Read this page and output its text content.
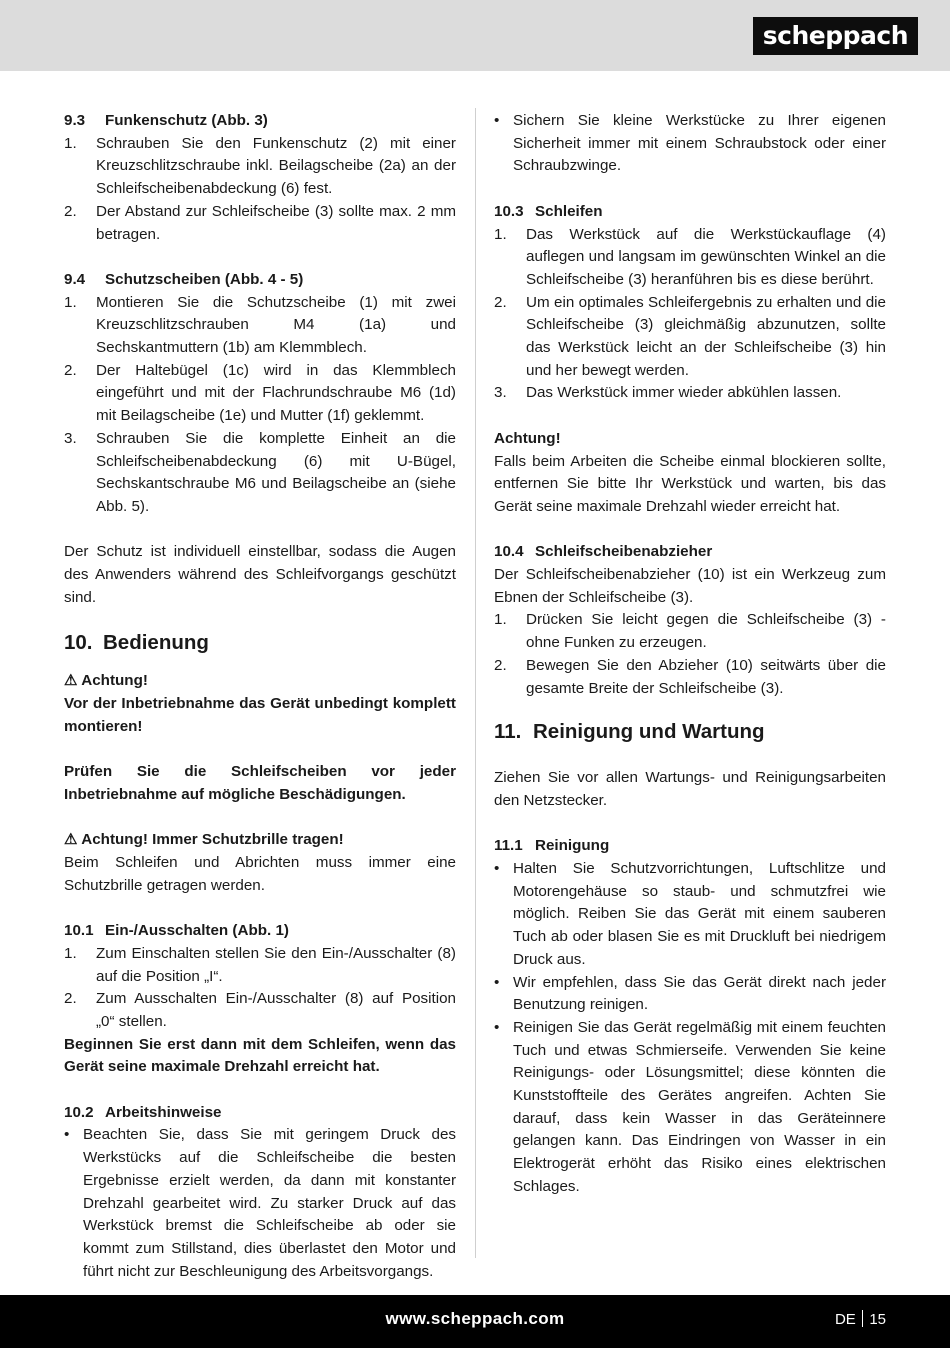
scheppach
9.3 Funkenschutz (Abb. 3)
1. Schrauben Sie den Funkenschutz (2) mit einer Kreuzschlitzschraube inkl. Beilagscheibe (2a) an der Schleifscheibenabdeckung (6) fest.
2. Der Abstand zur Schleifscheibe (3) sollte max. 2 mm betragen.
9.4 Schutzscheiben (Abb. 4 - 5)
1. Montieren Sie die Schutzscheibe (1) mit zwei Kreuzschlitzschrauben M4 (1a) und Sechskantmuttern (1b) am Klemmblech.
2. Der Haltebügel (1c) wird in das Klemmblech eingeführt und mit der Flachrundschraube M6 (1d) mit Beilagscheibe (1e) und Mutter (1f) geklemmt.
3. Schrauben Sie die komplette Einheit an die Schleifscheibenabdeckung (6) mit U-Bügel, Sechskantschraube M6 und Beilagscheibe an (siehe Abb. 5).
Der Schutz ist individuell einstellbar, sodass die Augen des Anwenders während des Schleifvorgangs geschützt sind.
10. Bedienung
⚠ Achtung!
Vor der Inbetriebnahme das Gerät unbedingt komplett montieren!
Prüfen Sie die Schleifscheiben vor jeder Inbetriebnahme auf mögliche Beschädigungen.
⚠ Achtung! Immer Schutzbrille tragen!
Beim Schleifen und Abrichten muss immer eine Schutzbrille getragen werden.
10.1 Ein-/Ausschalten (Abb. 1)
1. Zum Einschalten stellen Sie den Ein-/Ausschalter (8) auf die Position „I“.
2. Zum Ausschalten Ein-/Ausschalter (8) auf Position „0“ stellen.
Beginnen Sie erst dann mit dem Schleifen, wenn das Gerät seine maximale Drehzahl erreicht hat.
10.2 Arbeitshinweise
• Beachten Sie, dass Sie mit geringem Druck des Werkstücks auf die Schleifscheibe die besten Ergebnisse erzielt werden, da dann mit konstanter Drehzahl gearbeitet wird. Zu starker Druck auf das Werkstück bremst die Schleifscheibe ab oder sie kommt zum Stillstand, dies überlastet den Motor und führt nicht zur Beschleunigung des Arbeitsvorgangs.
• Sichern Sie kleine Werkstücke zu Ihrer eigenen Sicherheit immer mit einem Schraubstock oder einer Schraubzwinge.
10.3 Schleifen
1. Das Werkstück auf die Werkstückauflage (4) auflegen und langsam im gewünschten Winkel an die Schleifscheibe (3) heranführen bis es diese berührt.
2. Um ein optimales Schleifergebnis zu erhalten und die Schleifscheibe (3) gleichmäßig abzunutzen, sollte das Werkstück leicht an der Schleifscheibe (3) hin und her bewegt werden.
3. Das Werkstück immer wieder abkühlen lassen.
Achtung!
Falls beim Arbeiten die Scheibe einmal blockieren sollte, entfernen Sie bitte Ihr Werkstück und warten, bis das Gerät seine maximale Drehzahl wieder erreicht hat.
10.4 Schleifscheibenabzieher
Der Schleifscheibenabzieher (10) ist ein Werkzeug zum Ebnen der Schleifscheibe (3).
1. Drücken Sie leicht gegen die Schleifscheibe (3) - ohne Funken zu erzeugen.
2. Bewegen Sie den Abzieher (10) seitwärts über die gesamte Breite der Schleifscheibe (3).
11. Reinigung und Wartung
Ziehen Sie vor allen Wartungs- und Reinigungsarbeiten den Netzstecker.
11.1 Reinigung
• Halten Sie Schutzvorrichtungen, Luftschlitze und Motorengehäuse so staub- und schmutzfrei wie möglich. Reiben Sie das Gerät mit einem sauberen Tuch ab oder blasen Sie es mit Druckluft bei niedrigem Druck aus.
• Wir empfehlen, dass Sie das Gerät direkt nach jeder Benutzung reinigen.
• Reinigen Sie das Gerät regelmäßig mit einem feuchten Tuch und etwas Schmierseife. Verwenden Sie keine Reinigungs- oder Lösungsmittel; diese könnten die Kunststoffteile des Gerätes angreifen. Achten Sie darauf, dass kein Wasser in das Geräteinnere gelangen kann. Das Eindringen von Wasser in ein Elektrogerät erhöht das Risiko eines elektrischen Schlages.
www.scheppach.com	DE 15
